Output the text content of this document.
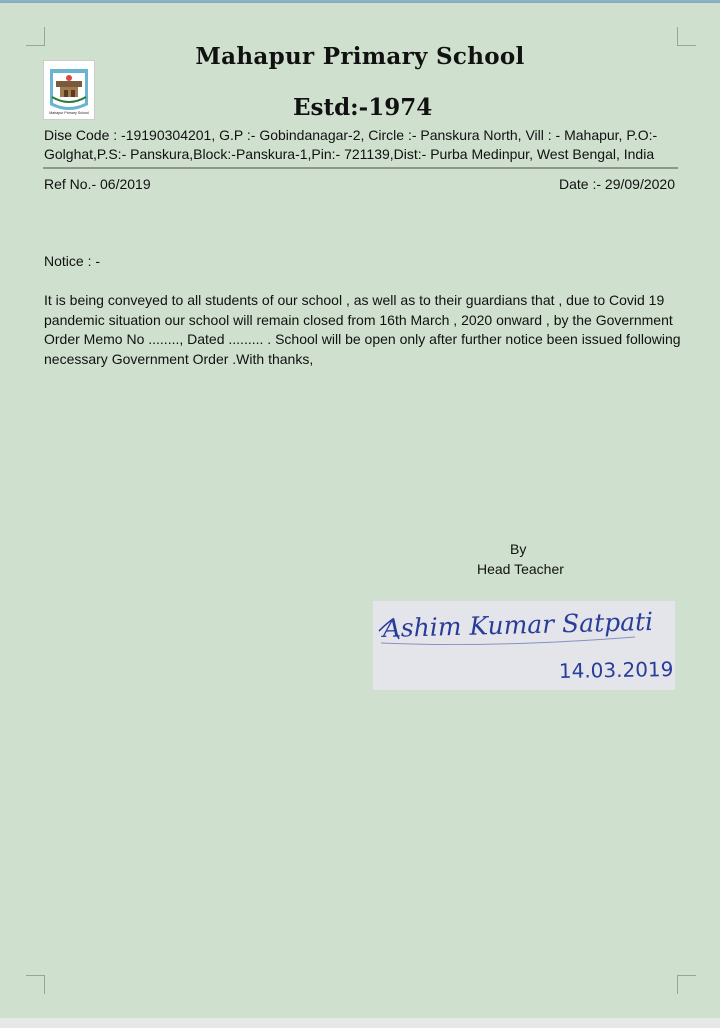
Mahapur Primary School
Mahapur Primary School	Estd:-1974
Dise Code : -19190304201, G.P :- Gobindanagar-2, Circle :- Panskura North, Vill : - Mahapur, P.O:-
Golghat,P.S:- Panskura,Block:-Panskura-1,Pin:- 721139,Dist:- Purba Medinpur, West Bengal, India
Ref No.- 06/2019	Date :- 29/09/2020
Notice : -
It is being conveyed to all students of our school , as well as to their guardians that , due to Covid 19 pandemic situation our school will remain closed from 16th March , 2020 onward , by the Government Order Memo No ........, Dated ......... . School will be open only after further notice been issued following necessary Government Order .With thanks,
By
Head Teacher
Ashim Kumar Satpati
14.03.2019
